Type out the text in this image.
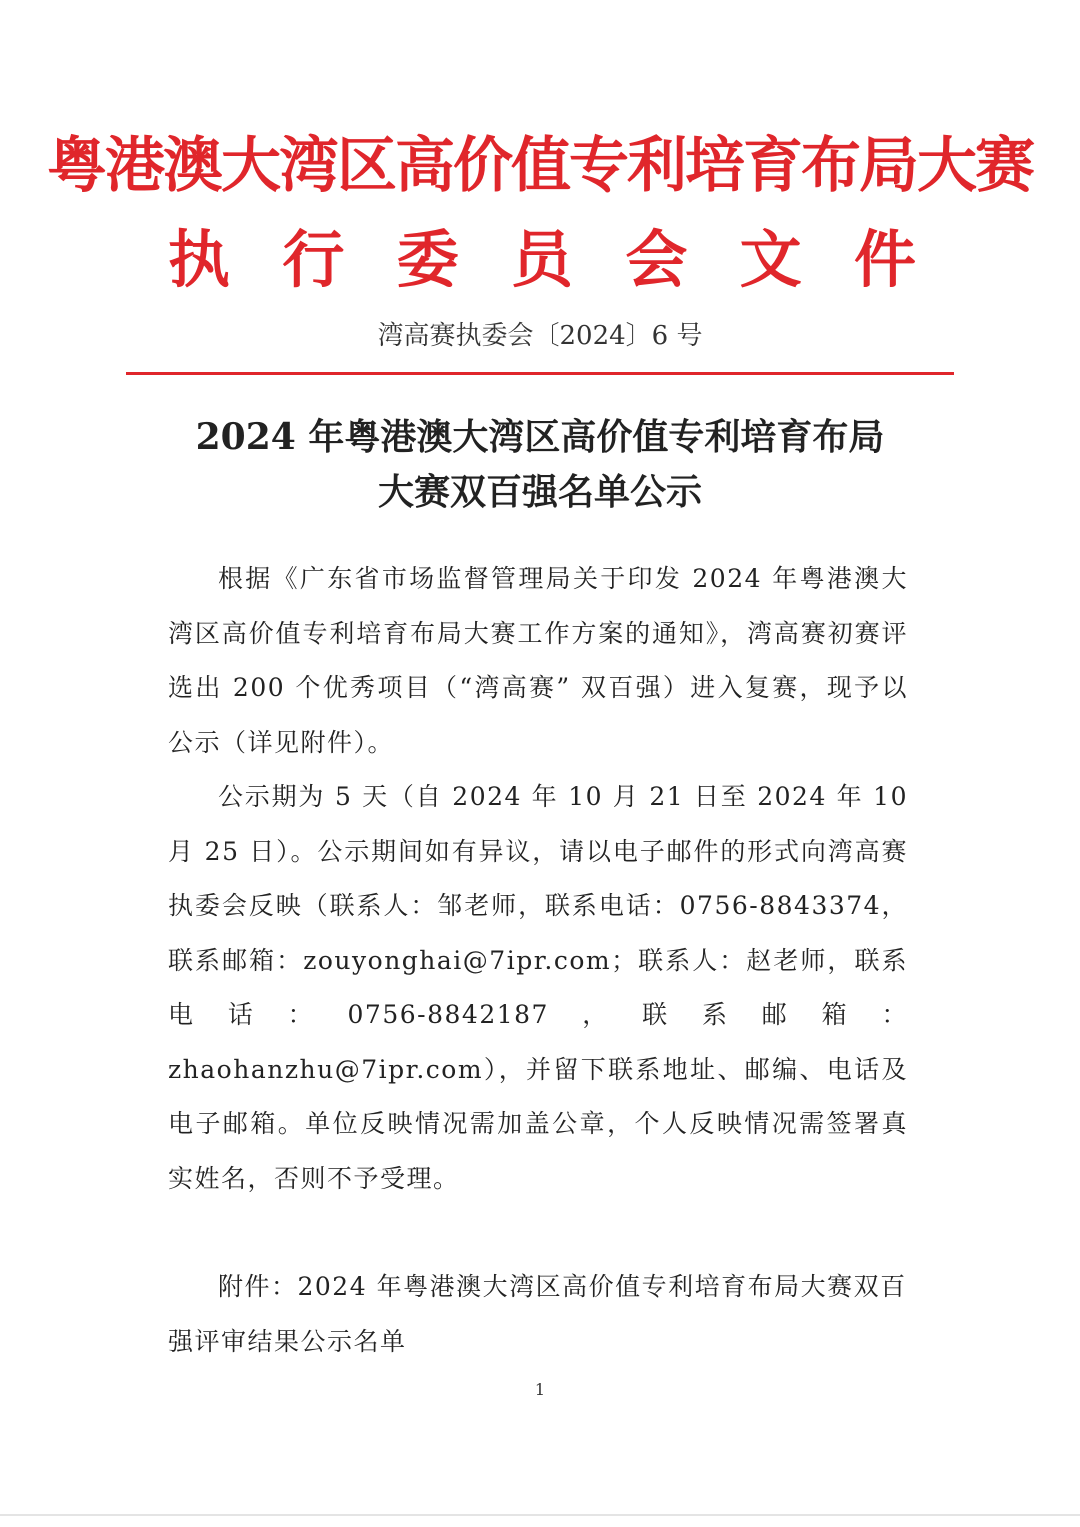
粤港澳大湾区高价值专利培育布局大赛
执 行 委 员 会 文 件
湾高赛执委会〔2024〕6 号
2024 年粤港澳大湾区高价值专利培育布局
大赛双百强名单公示

根据《广东省市场监督管理局关于印发 2024 年粤港澳大湾区高价值专利培育布局大赛工作方案的通知》，湾高赛初赛评选出 200 个优秀项目（“湾高赛” 双百强）进入复赛，现予以公示（详见附件）。

公示期为 5 天（自 2024 年 10 月 21 日至 2024 年 10 月 25 日）。公示期间如有异议，请以电子邮件的形式向湾高赛执委会反映（联系人：邹老师，联系电话：0756-8843374，联系邮箱：zouyonghai@7ipr.com；联系人：赵老师，联系电话：0756-8842187，联系邮箱：zhaohanzhu@7ipr.com），并留下联系地址、邮编、电话及电子邮箱。单位反映情况需加盖公章，个人反映情况需签署真实姓名，否则不予受理。

附件：2024 年粤港澳大湾区高价值专利培育布局大赛双百强评审结果公示名单

1
